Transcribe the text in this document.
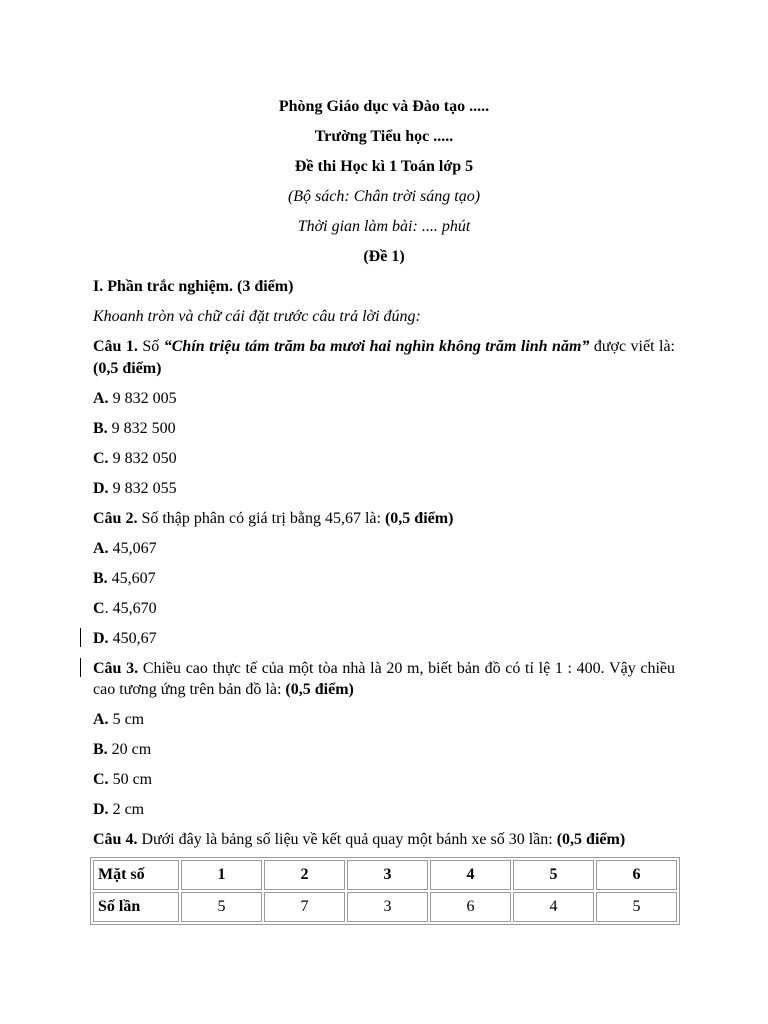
Phòng Giáo dục và Đào tạo .....
Trường Tiểu học .....
Đề thi Học kì 1 Toán lớp 5
(Bộ sách: Chân trời sáng tạo)
Thời gian làm bài: .... phút
(Đề 1)
I. Phần trắc nghiệm. (3 điểm)
Khoanh tròn và chữ cái đặt trước câu trả lời đúng:
Câu 1. Số “Chín triệu tám trăm ba mươi hai nghìn không trăm linh năm” được viết là: (0,5 điểm)
A. 9 832 005
B. 9 832 500
C. 9 832 050
D. 9 832 055
Câu 2. Số thập phân có giá trị bằng 45,67 là: (0,5 điểm)
A. 45,067
B. 45,607
C. 45,670
D. 450,67
Câu 3. Chiều cao thực tế của một tòa nhà là 20 m, biết bản đồ có tỉ lệ 1 : 400. Vậy chiều cao tương ứng trên bản đồ là: (0,5 điểm)
A. 5 cm
B. 20 cm
C. 50 cm
D. 2 cm
Câu 4. Dưới đây là bảng số liệu về kết quả quay một bánh xe số 30 lần: (0,5 điểm)
Mặt số	1	2	3	4	5	6
Số lần	5	7	3	6	4	5
